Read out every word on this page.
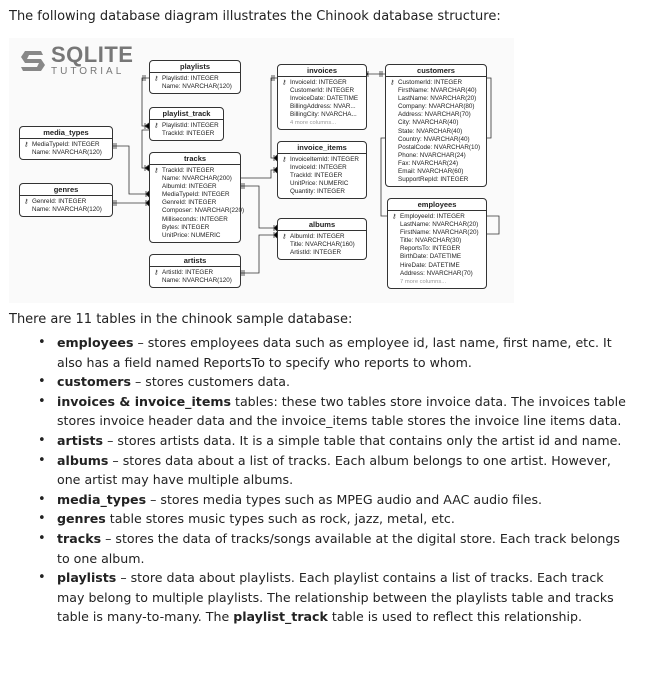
The following database diagram illustrates the Chinook database structure:
SQLITE
TUTORIAL	playlists
⚷ PlaylistId: INTEGER
Name: NVARCHAR(120)
playlist_track
⚷ PlaylistId: INTEGER
TrackId: INTEGER
media_types
⚷ MediaTypeId: INTEGER
Name: NVARCHAR(120)
genres
⚷ GenreId: INTEGER
Name: NVARCHAR(120)
tracks
⚷ TrackId: INTEGER
Name: NVARCHAR(200)
AlbumId: INTEGER
MediaTypeId: INTEGER
GenreId: INTEGER
Composer: NVARCHAR(220)
Milliseconds: INTEGER
Bytes: INTEGER
UnitPrice: NUMERIC
artists
⚷ ArtistId: INTEGER
Name: NVARCHAR(120)
invoices
⚷ InvoiceId: INTEGER
CustomerId: INTEGER
InvoiceDate: DATETIME
BillingAddress: NVAR...
BillingCity: NVARCHA...
4 more columns...
invoice_items
⚷ InvoiceItemId: INTEGER
InvoiceId: INTEGER
TrackId: INTEGER
UnitPrice: NUMERIC
Quantity: INTEGER
albums
⚷ AlbumId: INTEGER
Title: NVARCHAR(160)
ArtistId: INTEGER
customers
⚷ CustomerId: INTEGER
FirstName: NVARCHAR(40)
LastName: NVARCHAR(20)
Company: NVARCHAR(80)
Address: NVARCHAR(70)
City: NVARCHAR(40)
State: NVARCHAR(40)
Country: NVARCHAR(40)
PostalCode: NVARCHAR(10)
Phone: NVARCHAR(24)
Fax: NVARCHAR(24)
Email: NVARCHAR(60)
SupportRepId: INTEGER
employees
⚷ EmployeeId: INTEGER
LastName: NVARCHAR(20)
FirstName: NVARCHAR(20)
Title: NVARCHAR(30)
ReportsTo: INTEGER
BirthDate: DATETIME
HireDate: DATETIME
Address: NVARCHAR(70)
7 more columns...
There are 11 tables in the chinook sample database:
• employees – stores employees data such as employee id, last name, first name, etc. It also has a field named ReportsTo to specify who reports to whom.
• customers – stores customers data.
• invoices & invoice_items tables: these two tables store invoice data. The invoices table stores invoice header data and the invoice_items table stores the invoice line items data.
• artists – stores artists data. It is a simple table that contains only the artist id and name.
• albums – stores data about a list of tracks. Each album belongs to one artist. However, one artist may have multiple albums.
• media_types – stores media types such as MPEG audio and AAC audio files.
• genres table stores music types such as rock, jazz, metal, etc.
• tracks – stores the data of tracks/songs available at the digital store. Each track belongs to one album.
• playlists – store data about playlists. Each playlist contains a list of tracks. Each track may belong to multiple playlists. The relationship between the playlists table and tracks table is many-to-many. The playlist_track table is used to reflect this relationship.
